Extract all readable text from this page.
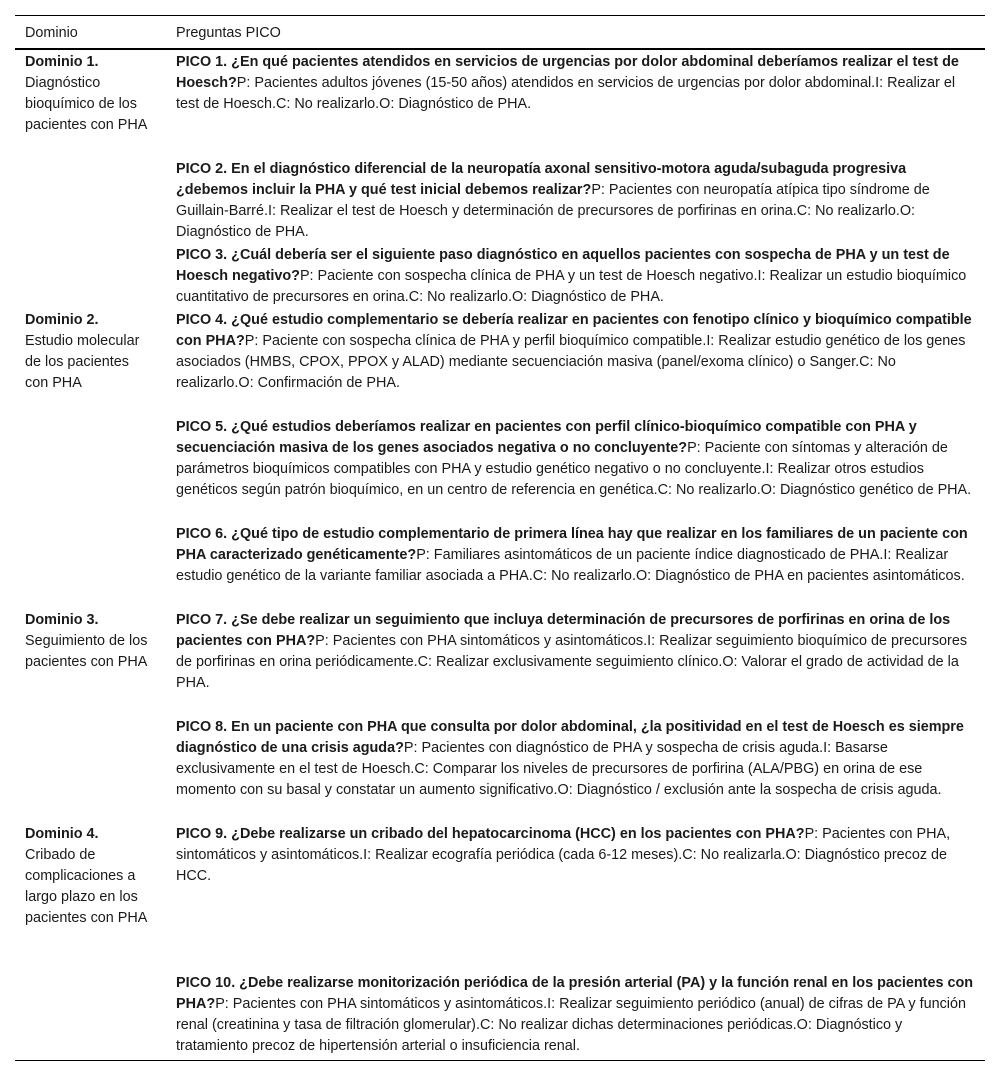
Dominio	Preguntas PICO

Dominio 1.
Diagnóstico bioquímico de los pacientes con PHA	PICO 1. ¿En qué pacientes atendidos en servicios de urgencias por dolor abdominal deberíamos realizar el test de Hoesch?P: Pacientes adultos jóvenes (15-50 años) atendidos en servicios de urgencias por dolor abdominal.I: Realizar el test de Hoesch.C: No realizarlo.O: Diagnóstico de PHA.

	PICO 2. En el diagnóstico diferencial de la neuropatía axonal sensitivo-motora aguda/subaguda progresiva ¿debemos incluir la PHA y qué test inicial debemos realizar?P: Pacientes con neuropatía atípica tipo síndrome de Guillain-Barré.I: Realizar el test de Hoesch y determinación de precursores de porfirinas en orina.C: No realizarlo.O: Diagnóstico de PHA.

	PICO 3. ¿Cuál debería ser el siguiente paso diagnóstico en aquellos pacientes con sospecha de PHA y un test de Hoesch negativo?P: Paciente con sospecha clínica de PHA y un test de Hoesch negativo.I: Realizar un estudio bioquímico cuantitativo de precursores en orina.C: No realizarlo.O: Diagnóstico de PHA.

Dominio 2.
Estudio molecular de los pacientes con PHA	PICO 4. ¿Qué estudio complementario se debería realizar en pacientes con fenotipo clínico y bioquímico compatible con PHA?P: Paciente con sospecha clínica de PHA y perfil bioquímico compatible.I: Realizar estudio genético de los genes asociados (HMBS, CPOX, PPOX y ALAD) mediante secuenciación masiva (panel/exoma clínico) o Sanger.C: No realizarlo.O: Confirmación de PHA.

	PICO 5. ¿Qué estudios deberíamos realizar en pacientes con perfil clínico-bioquímico compatible con PHA y secuenciación masiva de los genes asociados negativa o no concluyente?P: Paciente con síntomas y alteración de parámetros bioquímicos compatibles con PHA y estudio genético negativo o no concluyente.I: Realizar otros estudios genéticos según patrón bioquímico, en un centro de referencia en genética.C: No realizarlo.O: Diagnóstico genético de PHA.

	PICO 6. ¿Qué tipo de estudio complementario de primera línea hay que realizar en los familiares de un paciente con PHA caracterizado genéticamente?P: Familiares asintomáticos de un paciente índice diagnosticado de PHA.I: Realizar estudio genético de la variante familiar asociada a PHA.C: No realizarlo.O: Diagnóstico de PHA en pacientes asintomáticos.

Dominio 3.
Seguimiento de los pacientes con PHA	PICO 7. ¿Se debe realizar un seguimiento que incluya determinación de precursores de porfirinas en orina de los pacientes con PHA?P: Pacientes con PHA sintomáticos y asintomáticos.I: Realizar seguimiento bioquímico de precursores de porfirinas en orina periódicamente.C: Realizar exclusivamente seguimiento clínico.O: Valorar el grado de actividad de la PHA.

	PICO 8. En un paciente con PHA que consulta por dolor abdominal, ¿la positividad en el test de Hoesch es siempre diagnóstico de una crisis aguda?P: Pacientes con diagnóstico de PHA y sospecha de crisis aguda.I: Basarse exclusivamente en el test de Hoesch.C: Comparar los niveles de precursores de porfirina (ALA/PBG) en orina de ese momento con su basal y constatar un aumento significativo.O: Diagnóstico / exclusión ante la sospecha de crisis aguda.

Dominio 4.
Cribado de complicaciones a largo plazo en los pacientes con PHA	PICO 9. ¿Debe realizarse un cribado del hepatocarcinoma (HCC) en los pacientes con PHA?P: Pacientes con PHA, sintomáticos y asintomáticos.I: Realizar ecografía periódica (cada 6-12 meses).C: No realizarla.O: Diagnóstico precoz de HCC.

	PICO 10. ¿Debe realizarse monitorización periódica de la presión arterial (PA) y la función renal en los pacientes con PHA?P: Pacientes con PHA sintomáticos y asintomáticos.I: Realizar seguimiento periódico (anual) de cifras de PA y función renal (creatinina y tasa de filtración glomerular).C: No realizar dichas determinaciones periódicas.O: Diagnóstico y tratamiento precoz de hipertensión arterial o insuficiencia renal.
